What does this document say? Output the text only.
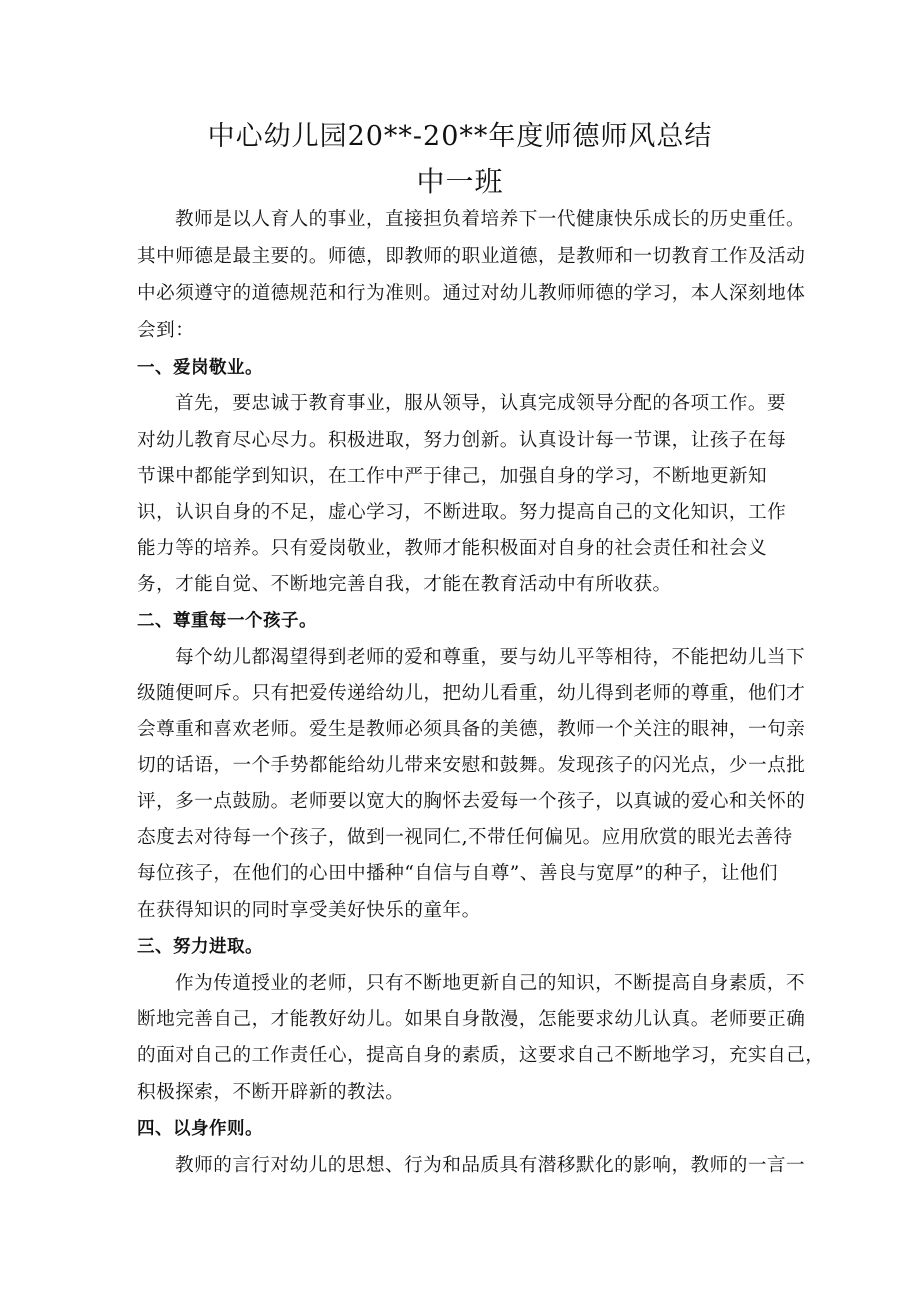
中心幼儿园20**-20**年度师德师风总结
中一班
教师是以人育人的事业，直接担负着培养下一代健康快乐成长的历史重任。
其中师德是最主要的。师德，即教师的职业道德，是教师和一切教育工作及活动
中必须遵守的道德规范和行为准则。通过对幼儿教师师德的学习，本人深刻地体
会到：
一、爱岗敬业。
首先，要忠诚于教育事业，服从领导，认真完成领导分配的各项工作。要
对幼儿教育尽心尽力。积极进取，努力创新。认真设计每一节课，让孩子在每
节课中都能学到知识，在工作中严于律己，加强自身的学习，不断地更新知
识，认识自身的不足，虚心学习，不断进取。努力提高自己的文化知识，工作
能力等的培养。只有爱岗敬业，教师才能积极面对自身的社会责任和社会义
务，才能自觉、不断地完善自我，才能在教育活动中有所收获。
二、尊重每一个孩子。
每个幼儿都渴望得到老师的爱和尊重，要与幼儿平等相待，不能把幼儿当下
级随便呵斥。只有把爱传递给幼儿，把幼儿看重，幼儿得到老师的尊重，他们才
会尊重和喜欢老师。爱生是教师必须具备的美德，教师一个关注的眼神，一句亲
切的话语，一个手势都能给幼儿带来安慰和鼓舞。发现孩子的闪光点，少一点批
评，多一点鼓励。老师要以宽大的胸怀去爱每一个孩子，以真诚的爱心和关怀的
态度去对待每一个孩子，做到一视同仁,不带任何偏见。应用欣赏的眼光去善待
每位孩子，在他们的心田中播种“自信与自尊”、善良与宽厚”的种子，让他们
在获得知识的同时享受美好快乐的童年。
三、努力进取。
作为传道授业的老师，只有不断地更新自己的知识，不断提高自身素质，不
断地完善自己，才能教好幼儿。如果自身散漫，怎能要求幼儿认真。老师要正确
的面对自己的工作责任心，提高自身的素质，这要求自己不断地学习，充实自己，
积极探索，不断开辟新的教法。
四、以身作则。
教师的言行对幼儿的思想、行为和品质具有潜移默化的影响，教师的一言一
